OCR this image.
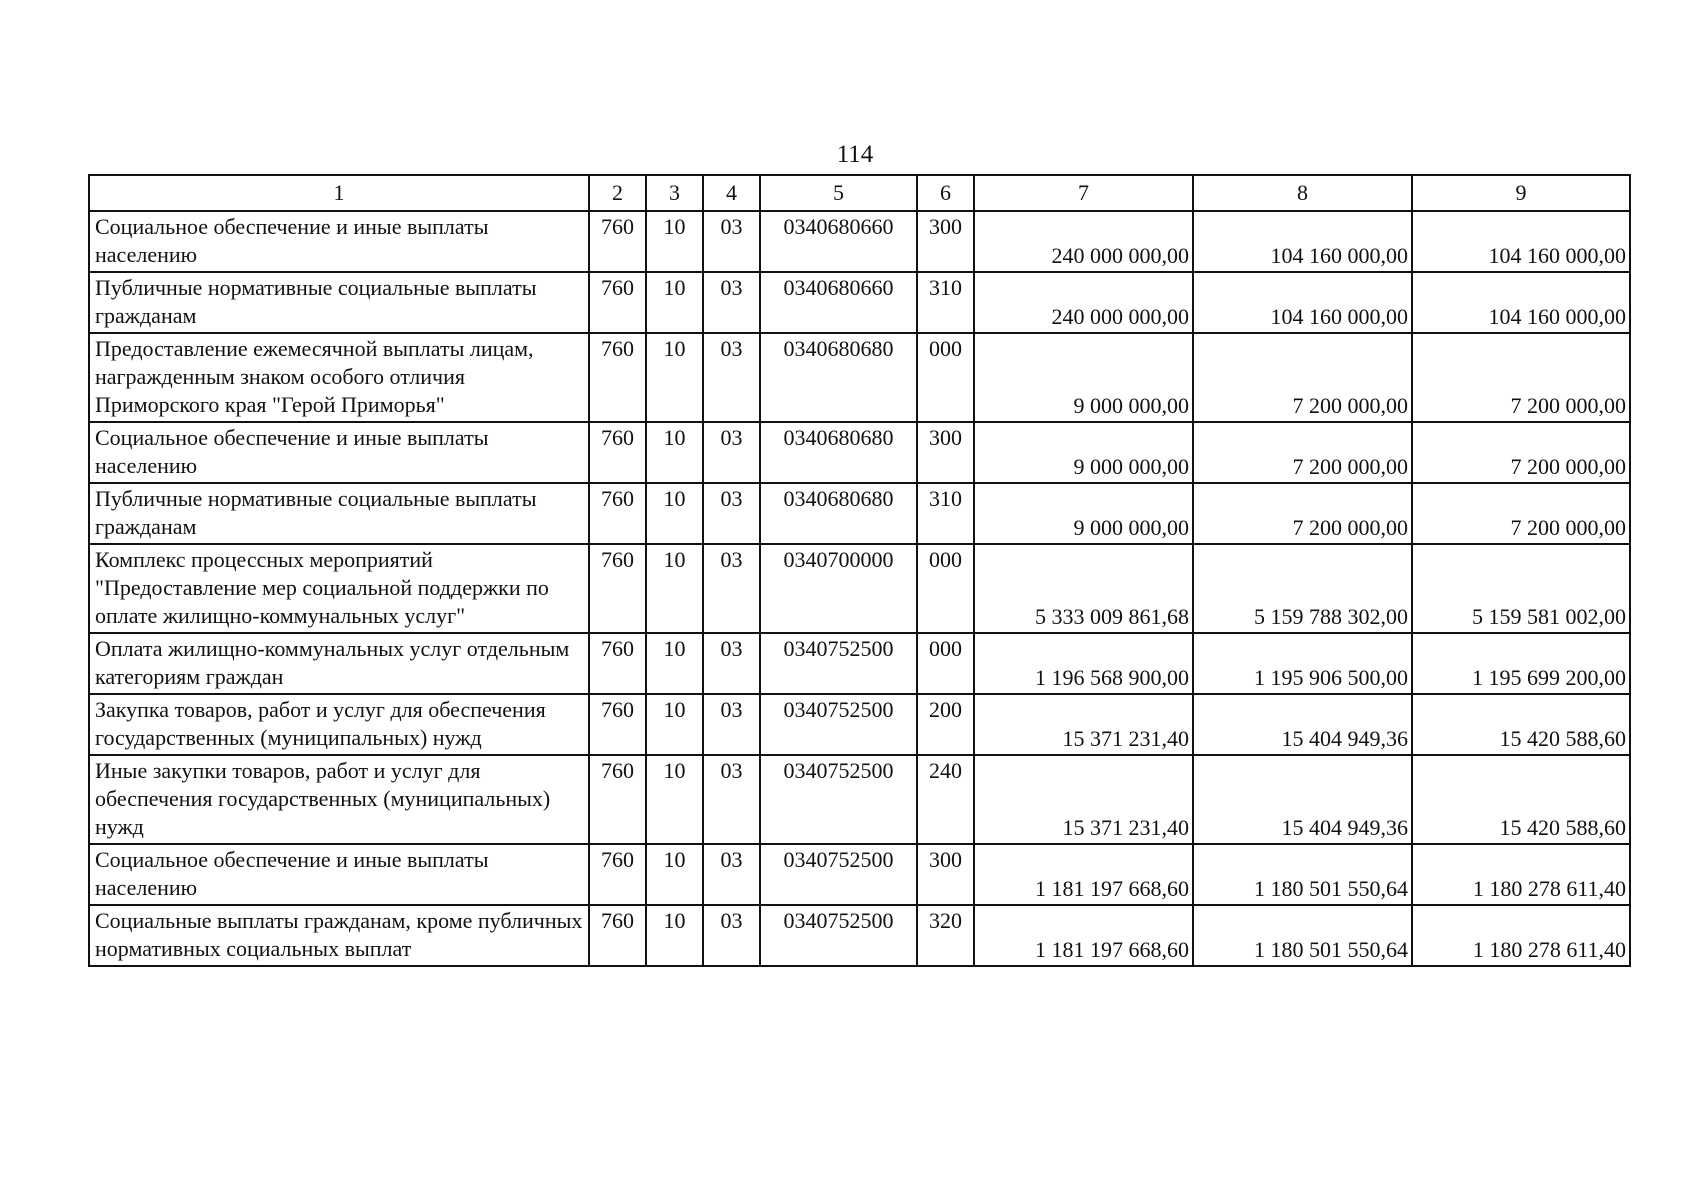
114
1	2	3	4	5	6	7	8	9
Социальное обеспечение и иные выплаты населению	760	10	03	0340680660	300	240 000 000,00	104 160 000,00	104 160 000,00
Публичные нормативные социальные выплаты гражданам	760	10	03	0340680660	310	240 000 000,00	104 160 000,00	104 160 000,00
Предоставление ежемесячной выплаты лицам, награжденным знаком особого отличия Приморского края "Герой Приморья"	760	10	03	0340680680	000	9 000 000,00	7 200 000,00	7 200 000,00
Социальное обеспечение и иные выплаты населению	760	10	03	0340680680	300	9 000 000,00	7 200 000,00	7 200 000,00
Публичные нормативные социальные выплаты гражданам	760	10	03	0340680680	310	9 000 000,00	7 200 000,00	7 200 000,00
Комплекс процессных мероприятий "Предоставление мер социальной поддержки по оплате жилищно-коммунальных услуг"	760	10	03	0340700000	000	5 333 009 861,68	5 159 788 302,00	5 159 581 002,00
Оплата жилищно-коммунальных услуг отдельным категориям граждан	760	10	03	0340752500	000	1 196 568 900,00	1 195 906 500,00	1 195 699 200,00
Закупка товаров, работ и услуг для обеспечения государственных (муниципальных) нужд	760	10	03	0340752500	200	15 371 231,40	15 404 949,36	15 420 588,60
Иные закупки товаров, работ и услуг для обеспечения государственных (муниципальных) нужд	760	10	03	0340752500	240	15 371 231,40	15 404 949,36	15 420 588,60
Социальное обеспечение и иные выплаты населению	760	10	03	0340752500	300	1 181 197 668,60	1 180 501 550,64	1 180 278 611,40
Социальные выплаты гражданам, кроме публичных нормативных социальных выплат	760	10	03	0340752500	320	1 181 197 668,60	1 180 501 550,64	1 180 278 611,40
